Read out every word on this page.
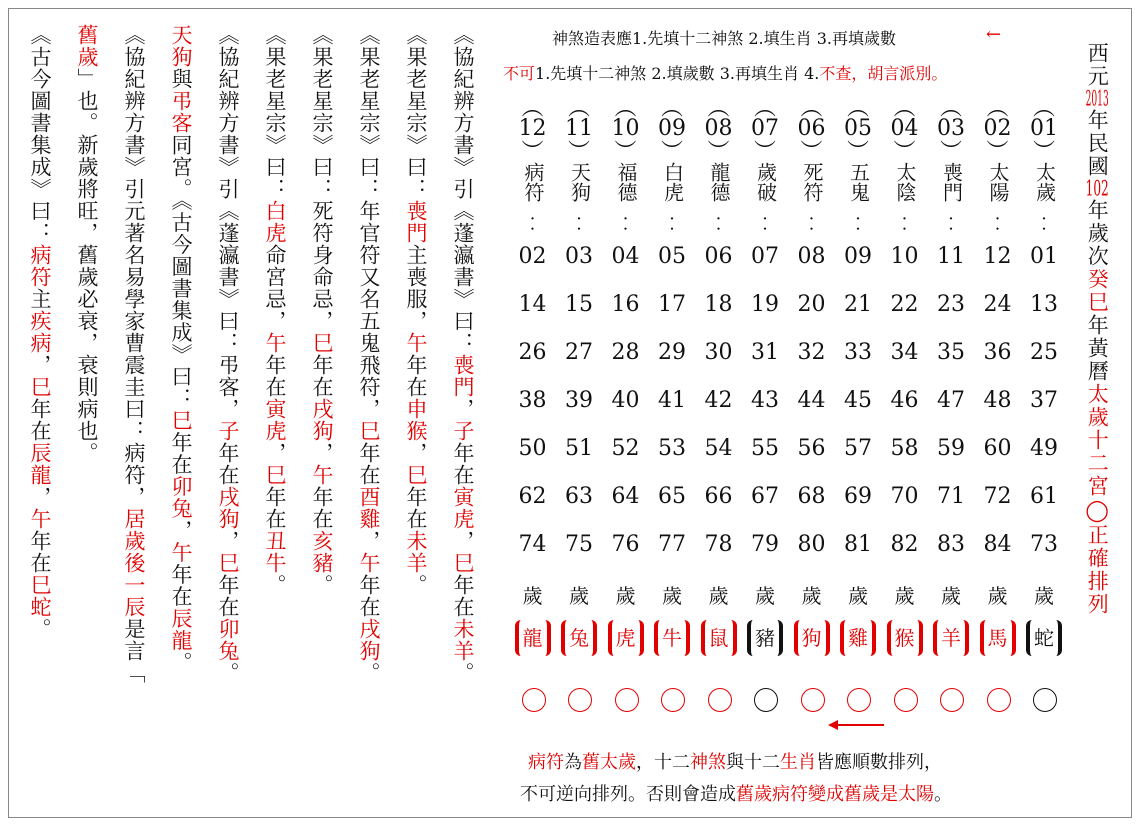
《協紀辨方書》引《蓬瀛書》曰：喪門，子年在寅虎，巳年在未羊。
《果老星宗》曰：喪門主喪服，午年在申猴，巳年在未羊。
《果老星宗》曰：年官符又名五鬼飛符，巳年在酉雞，午年在戌狗。
《果老星宗》曰：死符身命忌，巳年在戌狗，午年在亥豬。
《果老星宗》曰：白虎命宮忌，午年在寅虎，巳年在丑牛。
《協紀辨方書》引《蓬瀛書》曰：弔客，子年在戌狗，巳年在卯兔。
天狗與弔客同宮。《古今圖書集成》曰：巳年在卯兔，午年在辰龍。
《協紀辨方書》引元著名易學家曹震圭曰：病符，居歲後一辰是言「
舊歲」也。新歲將旺，舊歲必衰，衰則病也。
《古今圖書集成》曰：病符主疾病，巳年在辰龍，午年在巳蛇。
神煞造表應1.先填十二神煞 2.填生肖 3.再填歲數	←
不可1.先填十二神煞 2.填歲數 3.再填生肖 4.不查，胡言派別。	西元2013年民國102年歲次癸巳年黃曆太歲十二宮◯正確排列
︵
01
︶
太歲
︰
01
13
25
37
49
61
73
歲
蛇
︵
02
︶
太陽
︰
12
24
36
48
60
72
84
歲
馬
︵
03
︶
喪門
︰
11
23
35
47
59
71
83
歲
羊
︵
04
︶
太陰
︰
10
22
34
46
58
70
82
歲
猴
︵
05
︶
五鬼
︰
09
21
33
45
57
69
81
歲
雞
︵
06
︶
死符
︰
08
20
32
44
56
68
80
歲
狗
︵
07
︶
歲破
︰
07
19
31
43
55
67
79
歲
豬
︵
08
︶
龍德
︰
06
18
30
42
54
66
78
歲
鼠
︵
09
︶
白虎
︰
05
17
29
41
53
65
77
歲
牛
︵
10
︶
福德
︰
04
16
28
40
52
64
76
歲
虎
︵
11
︶
天狗
︰
03
15
27
39
51
63
75
歲
兔
︵
12
︶
病符
︰
02
14
26
38
50
62
74
歲
龍
病符為舊太歲，十二神煞與十二生肖皆應順數排列，
不可逆向排列。否則會造成舊歲病符變成舊歲是太陽。
